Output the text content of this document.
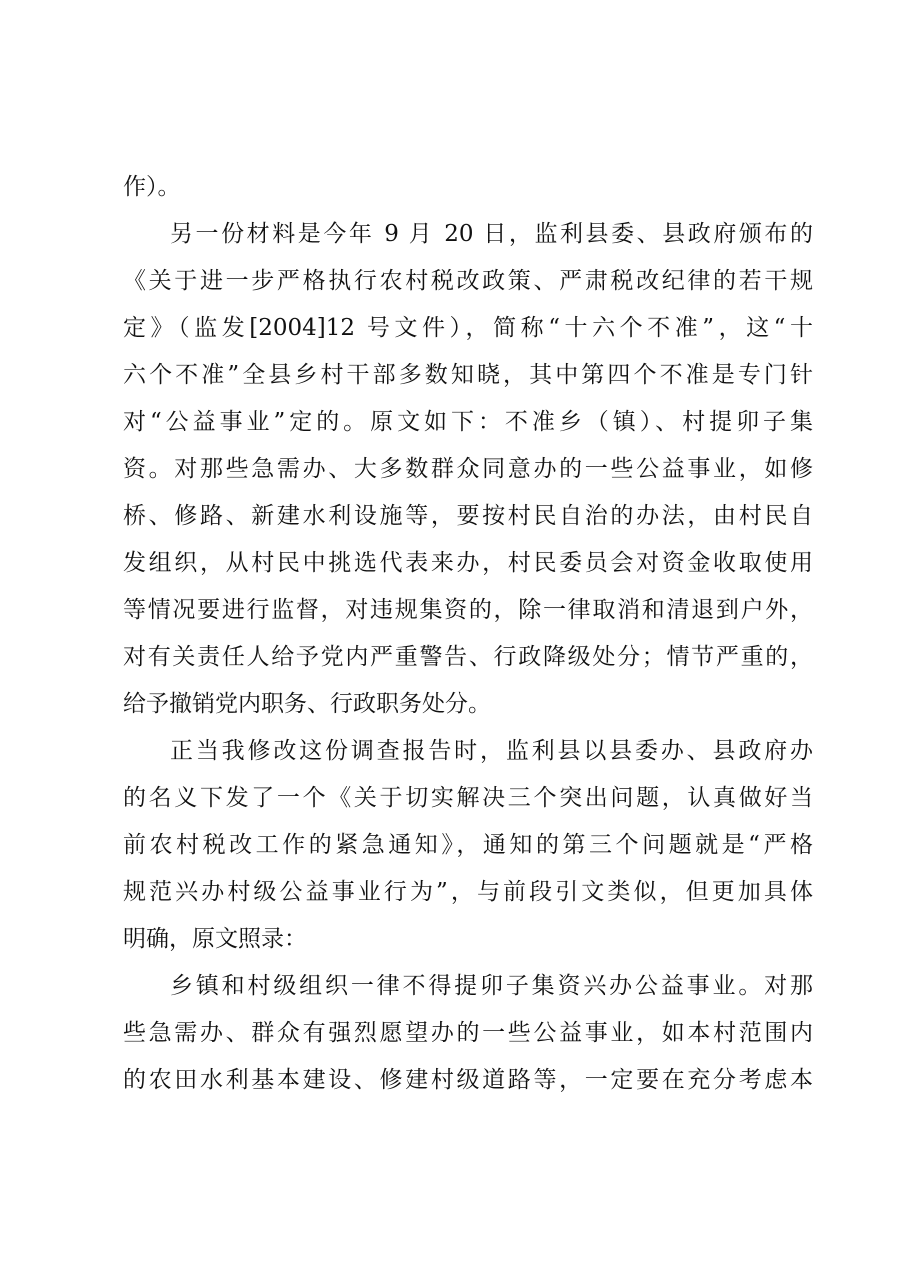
作）。
另一份材料是今年 9 月 20 日，监利县委、县政府颁布的
《关于进一步严格执行农村税改政策、严肃税改纪律的若干规
定》（监发[2004]12 号文件），简称“十六个不准”，这“十
六个不准”全县乡村干部多数知晓，其中第四个不准是专门针
对“公益事业”定的。原文如下：不准乡（镇）、村提卯子集
资。对那些急需办、大多数群众同意办的一些公益事业，如修
桥、修路、新建水利设施等，要按村民自治的办法，由村民自
发组织，从村民中挑选代表来办，村民委员会对资金收取使用
等情况要进行监督，对违规集资的，除一律取消和清退到户外，
对有关责任人给予党内严重警告、行政降级处分；情节严重的，
给予撤销党内职务、行政职务处分。
正当我修改这份调查报告时，监利县以县委办、县政府办
的名义下发了一个《关于切实解决三个突出问题，认真做好当
前农村税改工作的紧急通知》，通知的第三个问题就是“严格
规范兴办村级公益事业行为”，与前段引文类似，但更加具体
明确，原文照录：
乡镇和村级组织一律不得提卯子集资兴办公益事业。对那
些急需办、群众有强烈愿望办的一些公益事业，如本村范围内
的农田水利基本建设、修建村级道路等，一定要在充分考虑本
